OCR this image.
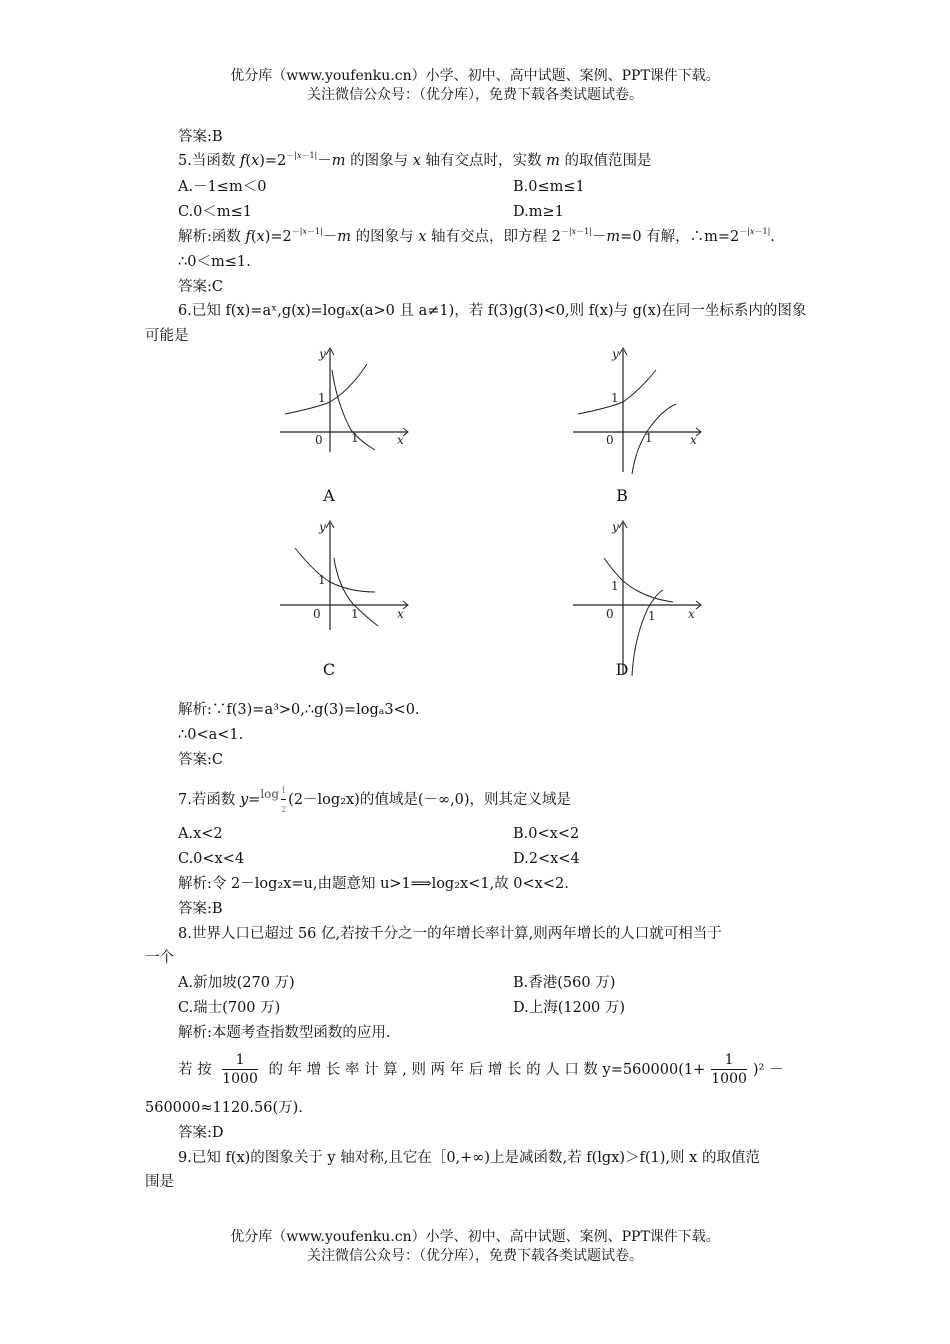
优分库（www.youfenku.cn）小学、初中、高中试题、案例、PPT课件下载。
关注微信公众号：（优分库），免费下载各类试题试卷。
答案:B
5.当函数 $f(x)=2^{-|x-1|}-m$ 的图象与 x 轴有交点时，实数 m 的取值范围是
A.－1≤m＜0	B.0≤m≤1
C.0＜m≤1	D.m≥1
解析:函数 $f(x)=2^{-|x-1|}-m$ 的图象与 x 轴有交点，即方程 $2^{-|x-1|}-m=0$ 有解，$\therefore m=2^{-|x-1|}$.
∴0＜m≤1.
答案:C
6.已知 f(x)=aˣ,g(x)=logₐx(a>0 且 a≠1)，若 f(3)g(3)<0,则 f(x)与 g(x)在同一坐标系内的图象
可能是
1
0 1	x
y
A
1
0	1	x
y
B
1
0	1	x
y
C
1
0	1	x
y
D
解析:∵f(3)=a³>0,∴g(3)=logₐ3<0.
∴0<a<1.
答案:C
7.若函数 $y=^{log} \frac{1}{2} (2-\log_2x)$的值域是(－∞,0)，则其定义域是
A.x<2	B.0<x<2
C.0<x<4	D.2<x<4
解析:令 2－log₂x=u,由题意知 u>1⟹log₂x<1,故 0<x<2.
答案:B
8.世界人口已超过 56 亿,若按千分之一的年增长率计算,则两年增长的人口就可相当于
一个
A.新加坡(270 万)	B.香港(560 万)
C.瑞士(700 万)	D.上海(1200 万)
解析:本题考查指数型函数的应用.
若 按 $\frac{1}{1000}$ 的 年 增 长 率 计 算 , 则 两 年 后 增 长 的 人 口 数 $y=560000(1+ \frac{1}{1000} )^2$ －
560000≈1120.56(万).
答案:D
9.已知 f(x)的图象关于 y 轴对称,且它在［0,+∞)上是减函数,若 f(lgx)＞f(1),则 x 的取值范
围是
优分库（www.youfenku.cn）小学、初中、高中试题、案例、PPT课件下载。
关注微信公众号：（优分库），免费下载各类试题试卷。
